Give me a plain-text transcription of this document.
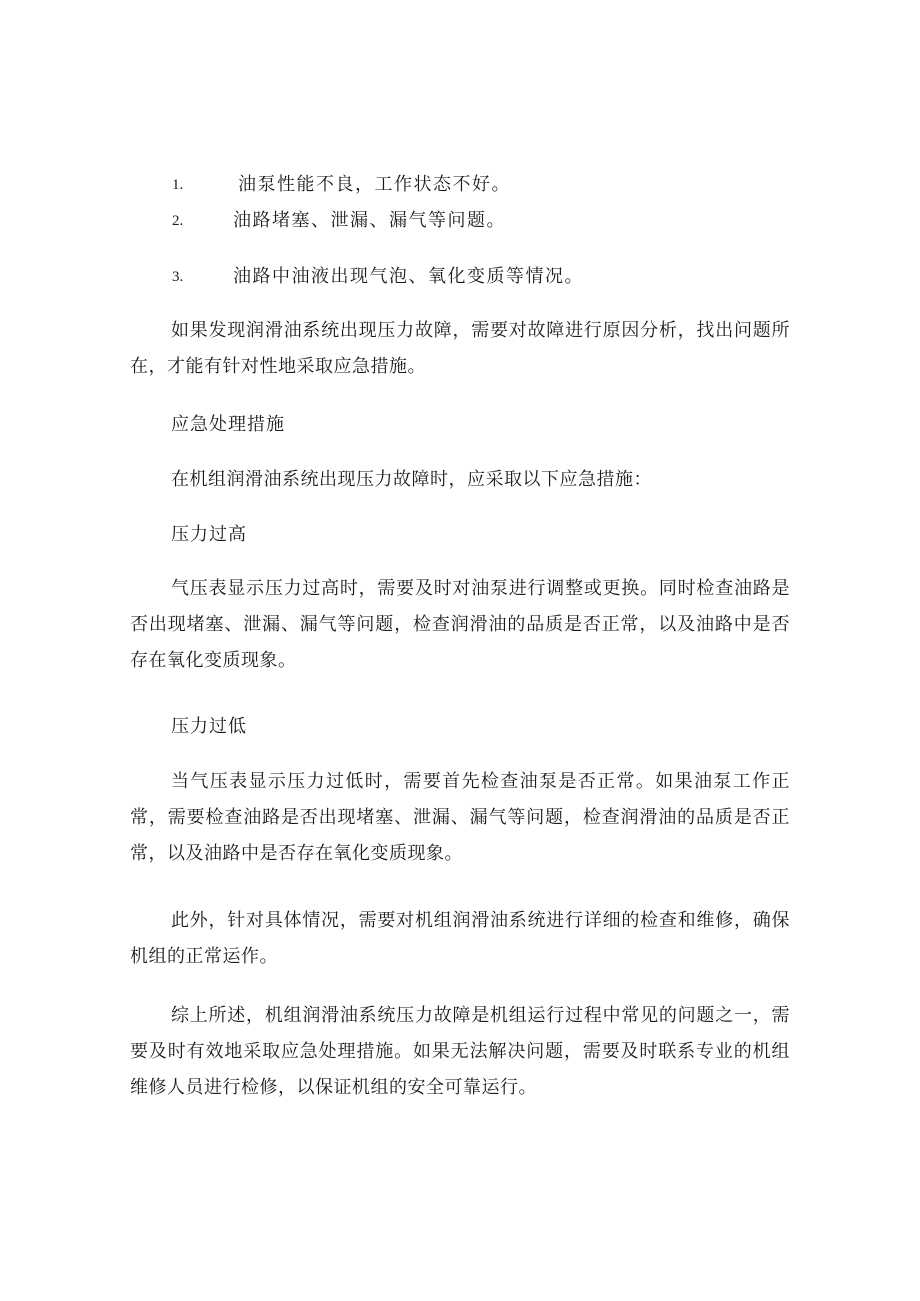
1.	油泵性能不良，工作状态不好。
2.	油路堵塞、泄漏、漏气等问题。
3.	油路中油液出现气泡、氧化变质等情况。

如果发现润滑油系统出现压力故障，需要对故障进行原因分析，找出问题所在，才能有针对性地采取应急措施。

应急处理措施

在机组润滑油系统出现压力故障时，应采取以下应急措施：

压力过高

气压表显示压力过高时，需要及时对油泵进行调整或更换。同时检查油路是否出现堵塞、泄漏、漏气等问题，检查润滑油的品质是否正常，以及油路中是否存在氧化变质现象。

压力过低

当气压表显示压力过低时，需要首先检查油泵是否正常。如果油泵工作正常，需要检查油路是否出现堵塞、泄漏、漏气等问题，检查润滑油的品质是否正常，以及油路中是否存在氧化变质现象。

此外，针对具体情况，需要对机组润滑油系统进行详细的检查和维修，确保机组的正常运作。

综上所述，机组润滑油系统压力故障是机组运行过程中常见的问题之一，需要及时有效地采取应急处理措施。如果无法解决问题，需要及时联系专业的机组维修人员进行检修，以保证机组的安全可靠运行。
